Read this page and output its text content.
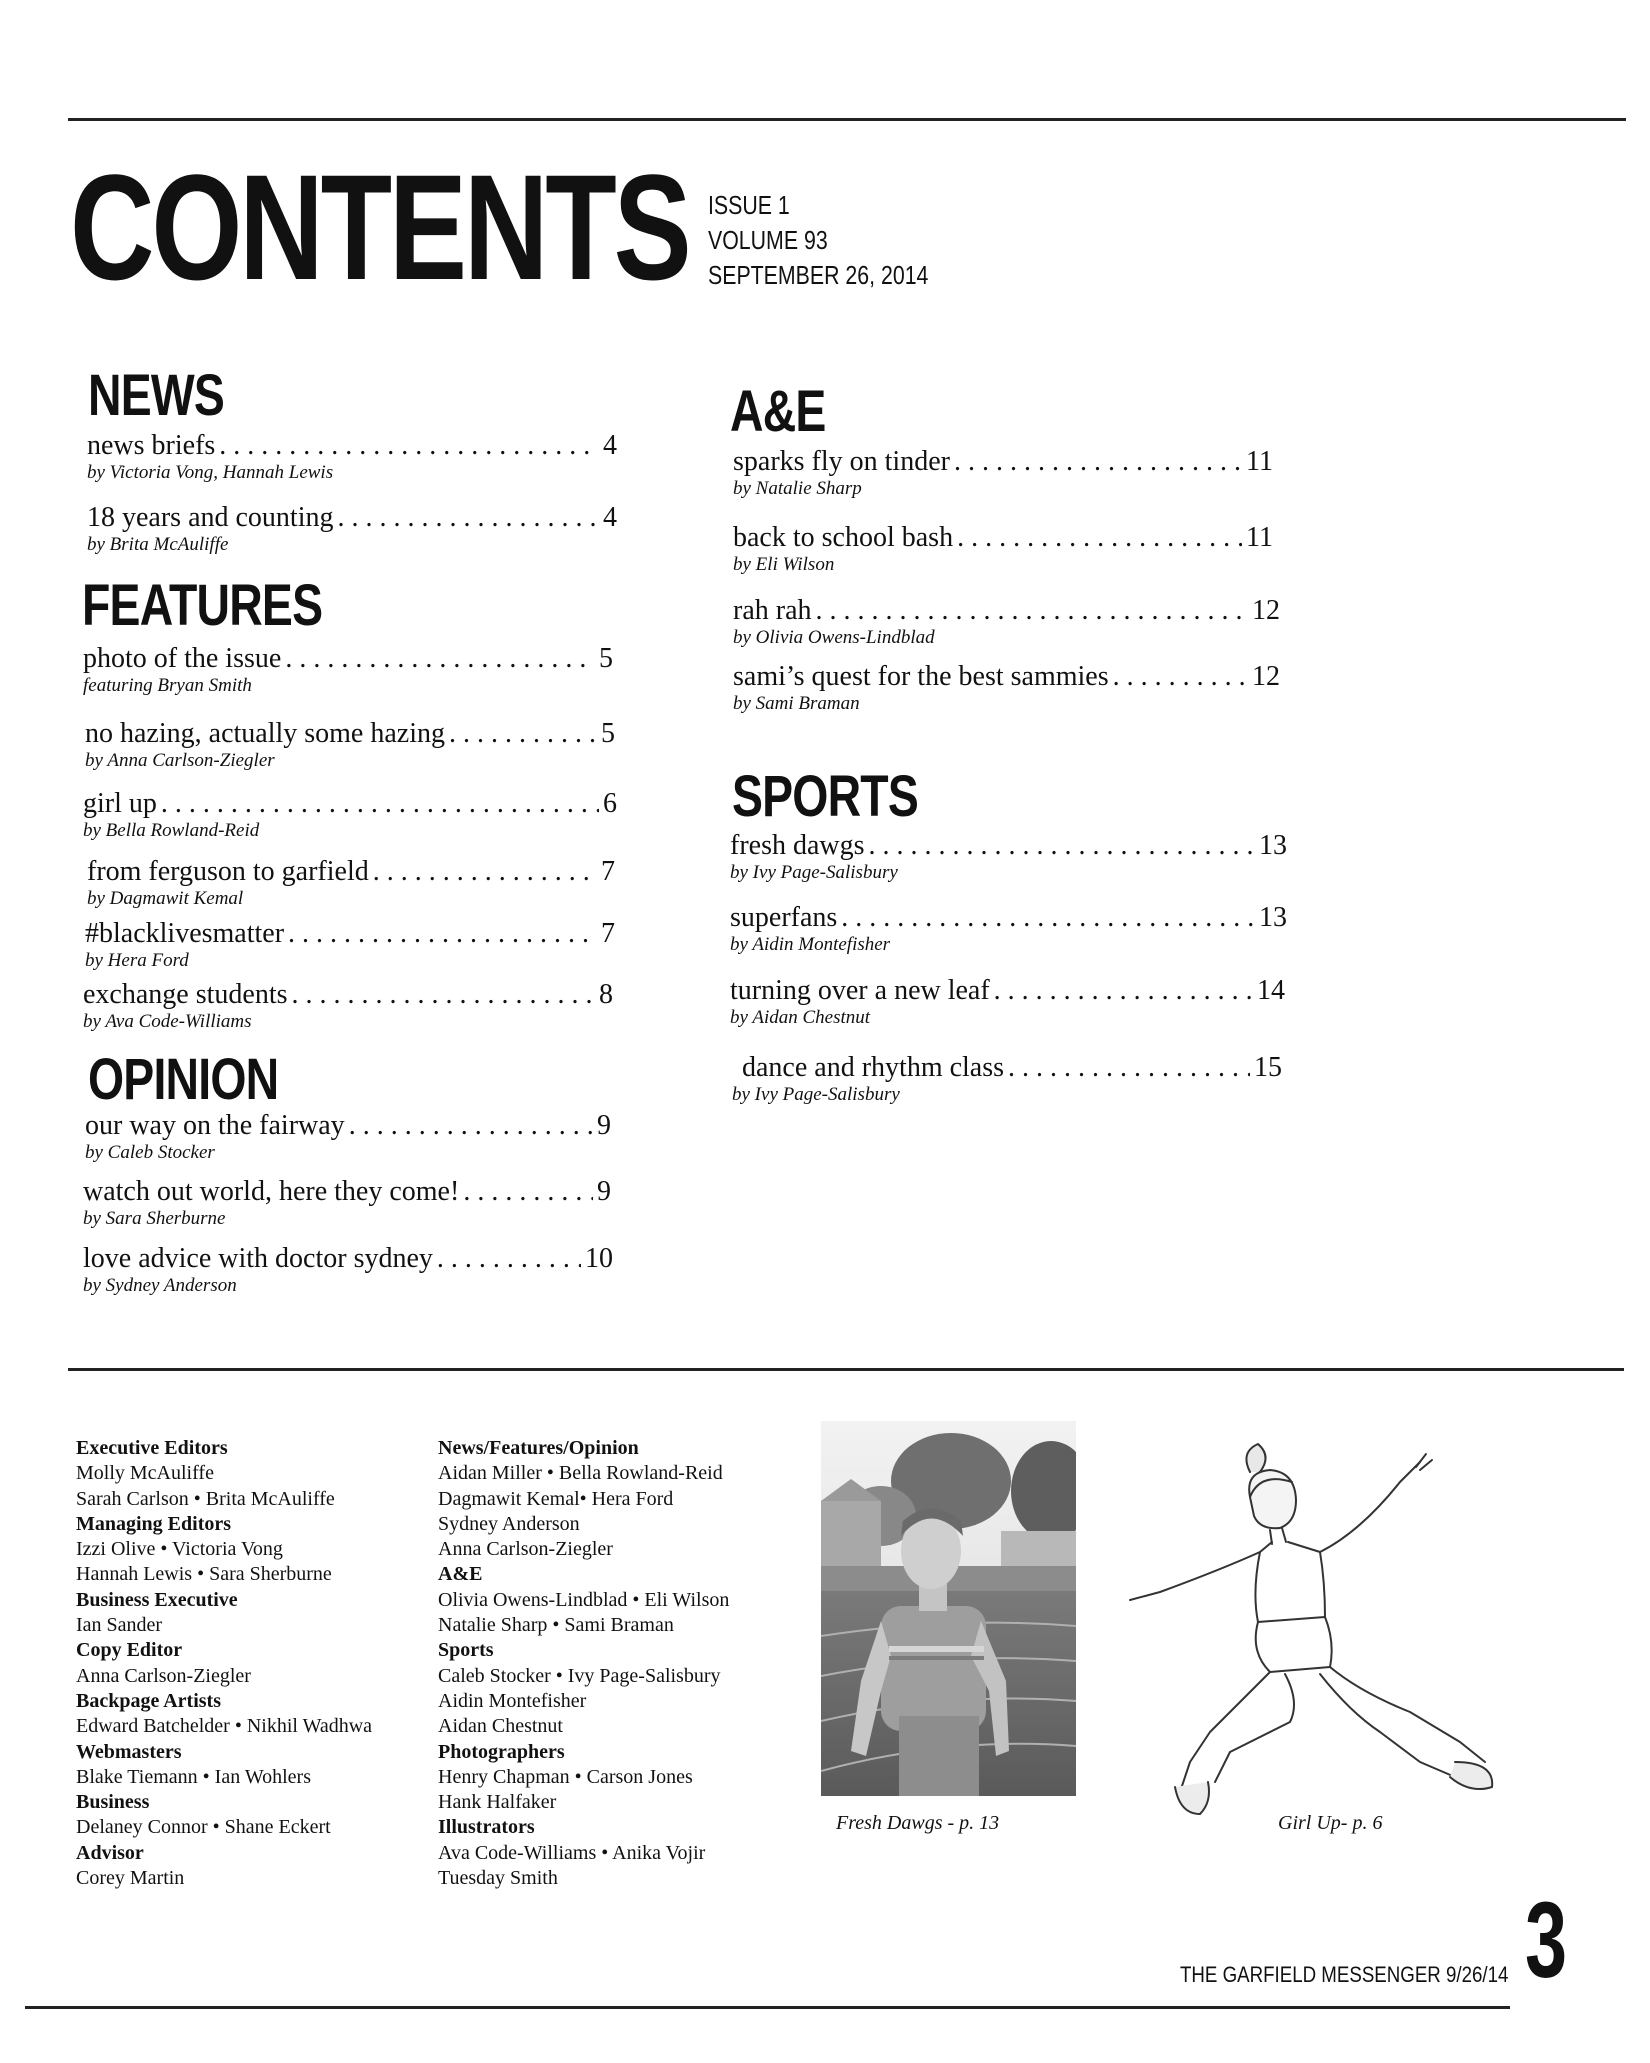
CONTENTS ISSUE 1
VOLUME 93
SEPTEMBER 26, 2014
NEWS
news briefs . . .	4
by Victoria Vong, Hannah Lewis
18 years and counting . . .	4
by Brita McAuliffe
FEATURES
photo of the issue . . .	5
featuring Bryan Smith
no hazing, actually some hazing . . .	5
by Anna Carlson-Ziegler
girl up . . .	6
by Bella Rowland-Reid
from ferguson to garfield . . .	7
by Dagmawit Kemal
#blacklivesmatter . . .	7
by Hera Ford
exchange students . . .	8
by Ava Code-Williams
OPINION
our way on the fairway . . .	9
by Caleb Stocker
watch out world, here they come! . . .	9
by Sara Sherburne
love advice with doctor sydney . . .	10
by Sydney Anderson
A&E
sparks fly on tinder . . .	11
by Natalie Sharp
back to school bash . . .	11
by Eli Wilson
rah rah . . .	12
by Olivia Owens-Lindblad
sami’s quest for the best sammies . . .	12
by Sami Braman
SPORTS
fresh dawgs . . .	13
by Ivy Page-Salisbury
superfans . . .	13
by Aidin Montefisher
turning over a new leaf . . .	14
by Aidan Chestnut
dance and rhythm class . . .	15
by Ivy Page-Salisbury
Executive Editors
Molly McAuliffe
Sarah Carlson • Brita McAuliffe
Managing Editors
Izzi Olive • Victoria Vong
Hannah Lewis • Sara Sherburne
Business Executive
Ian Sander
Copy Editor
Anna Carlson-Ziegler
Backpage Artists
Edward Batchelder • Nikhil Wadhwa
Webmasters
Blake Tiemann • Ian Wohlers
Business
Delaney Connor • Shane Eckert
Advisor
Corey Martin
News/Features/Opinion
Aidan Miller • Bella Rowland-Reid
Dagmawit Kemal• Hera Ford
Sydney Anderson
Anna Carlson-Ziegler
A&E
Olivia Owens-Lindblad • Eli Wilson
Natalie Sharp • Sami Braman
Sports
Caleb Stocker • Ivy Page-Salisbury
Aidin Montefisher
Aidan Chestnut
Photographers
Henry Chapman • Carson Jones
Hank Halfaker
Illustrators
Ava Code-Williams • Anika Vojir
Tuesday Smith
Fresh Dawgs - p. 13	Girl Up- p. 6
THE GARFIELD MESSENGER 9/26/14 3
